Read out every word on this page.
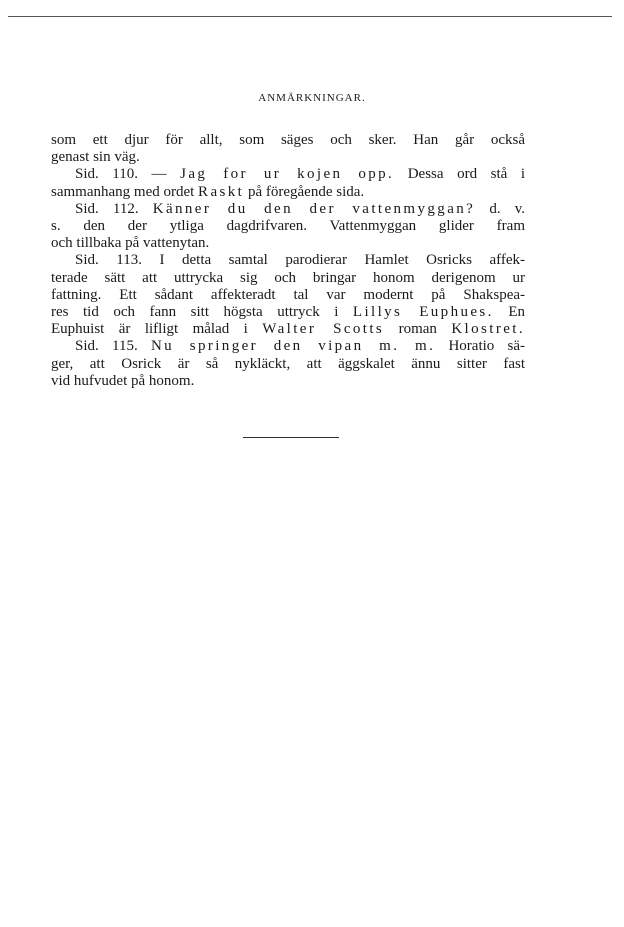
ANMÄRKNINGAR.
som ett djur för allt, som säges och sker. Han går också
genast sin väg.
Sid. 110. — Jag for ur kojen opp. Dessa ord stå i
sammanhang med ordet Raskt på föregående sida.
Sid. 112. Känner du den der vattenmyggan? d. v.
s. den der ytliga dagdrifvaren. Vattenmyggan glider fram
och tillbaka på vattenytan.
Sid. 113. I detta samtal parodierar Hamlet Osricks affek-
terade sätt att uttrycka sig och bringar honom derigenom ur
fattning. Ett sådant affekteradt tal var modernt på Shakspea-
res tid och fann sitt högsta uttryck i Lillys Euphues. En
Euphuist är lifligt målad i Walter Scotts roman Klostret.
Sid. 115. Nu springer den vipan m. m. Horatio sä-
ger, att Osrick är så nykläckt, att äggskalet ännu sitter fast
vid hufvudet på honom.
